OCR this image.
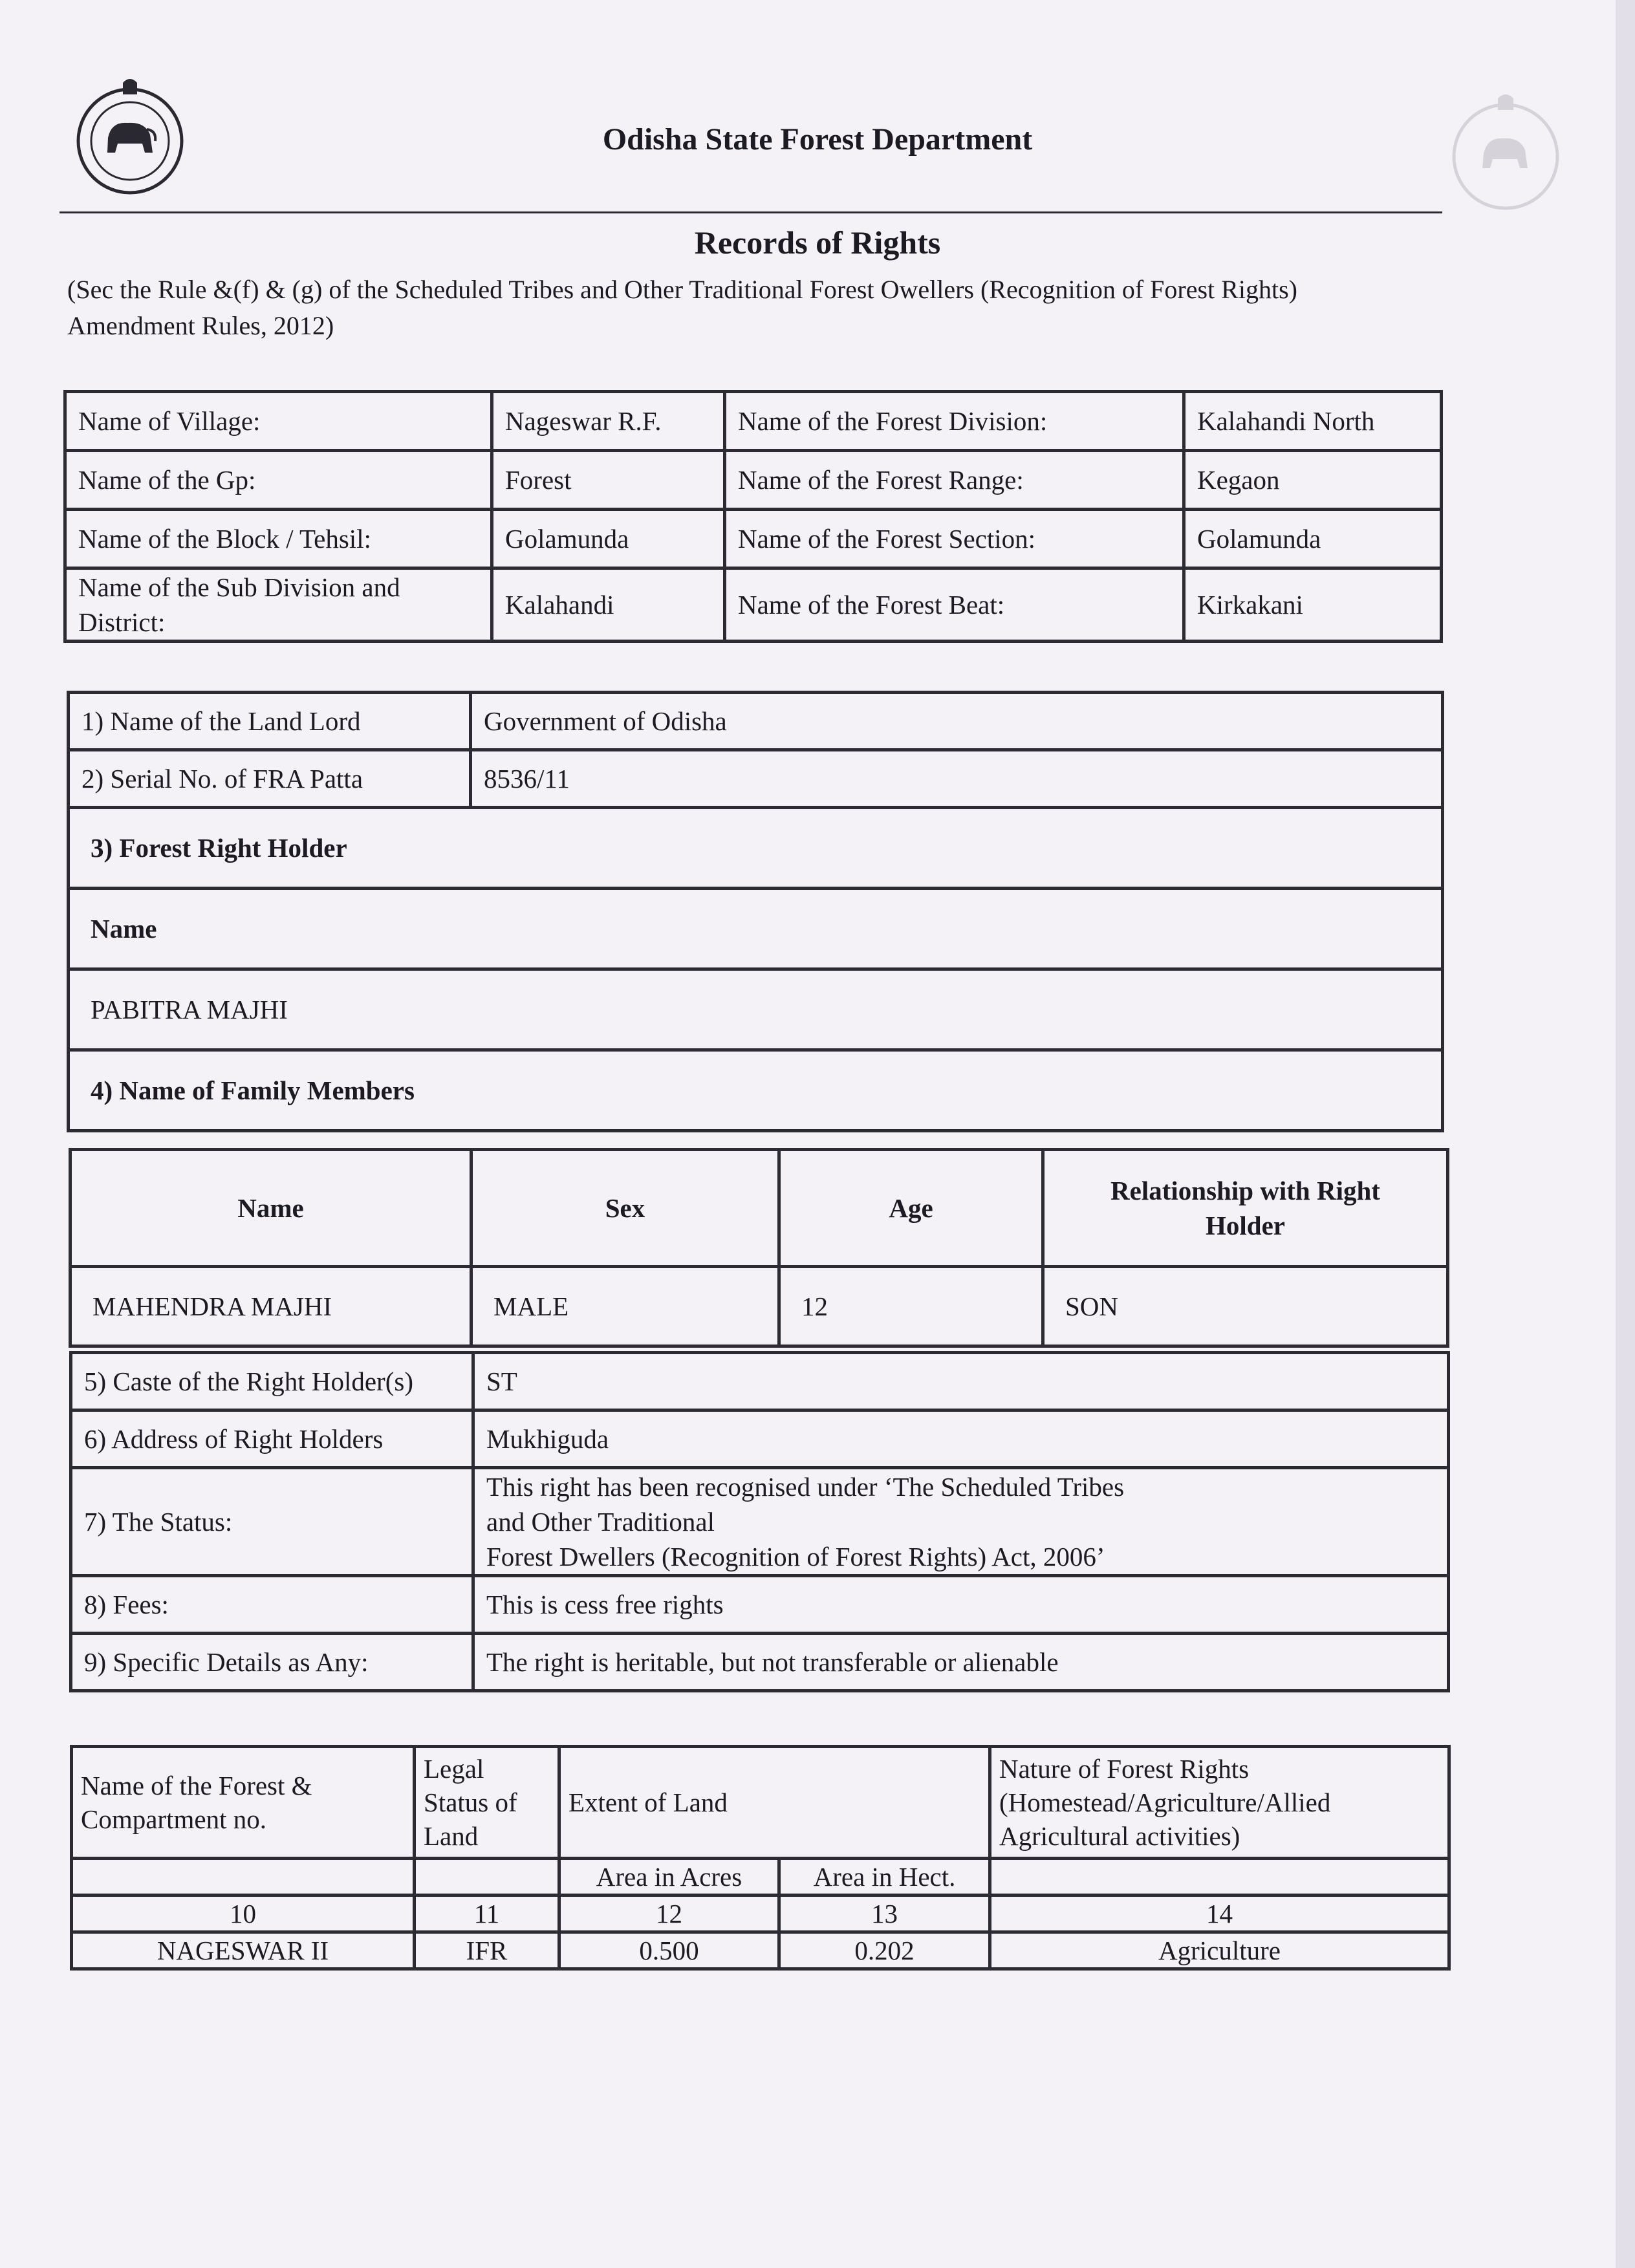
Odisha State Forest Department
Records of Rights
(Sec the Rule &(f) & (g) of the Scheduled Tribes and Other Traditional Forest Owellers (Recognition of Forest Rights) Amendment Rules, 2012)
Name of Village:	Nageswar R.F.	Name of the Forest Division:	Kalahandi North
Name of the Gp:	Forest	Name of the Forest Range:	Kegaon
Name of the Block / Tehsil:	Golamunda	Name of the Forest Section:	Golamunda
Name of the Sub Division and District:	Kalahandi	Name of the Forest Beat:	Kirkakani
1) Name of the Land Lord	Government of Odisha
2) Serial No. of FRA Patta	8536/11
3) Forest Right Holder	
Name	
PABITRA MAJHI	
4) Name of Family Members	
Name	Sex	Age	Relationship with Right Holder
MAHENDRA MAJHI	MALE	12	SON
5) Caste of the Right Holder(s)	ST
6) Address of Right Holders	Mukhiguda
7) The Status:	This right has been recognised under ‘The Scheduled Tribes and Other Traditional
Forest Dwellers (Recognition of Forest Rights) Act, 2006’

8) Fees:	This is cess free rights
9) Specific Details as Any:	The right is heritable, but not transferable or alienable
Name of the Forest & Compartment no.	Legal Status of Land	Extent of Land		Nature of Forest Rights (Homestead/Agriculture/Allied Agricultural activities)
		Area in Acres	Area in Hect.	
10	11	12	13	14
NAGESWAR II	IFR	0.500	0.202	Agriculture
